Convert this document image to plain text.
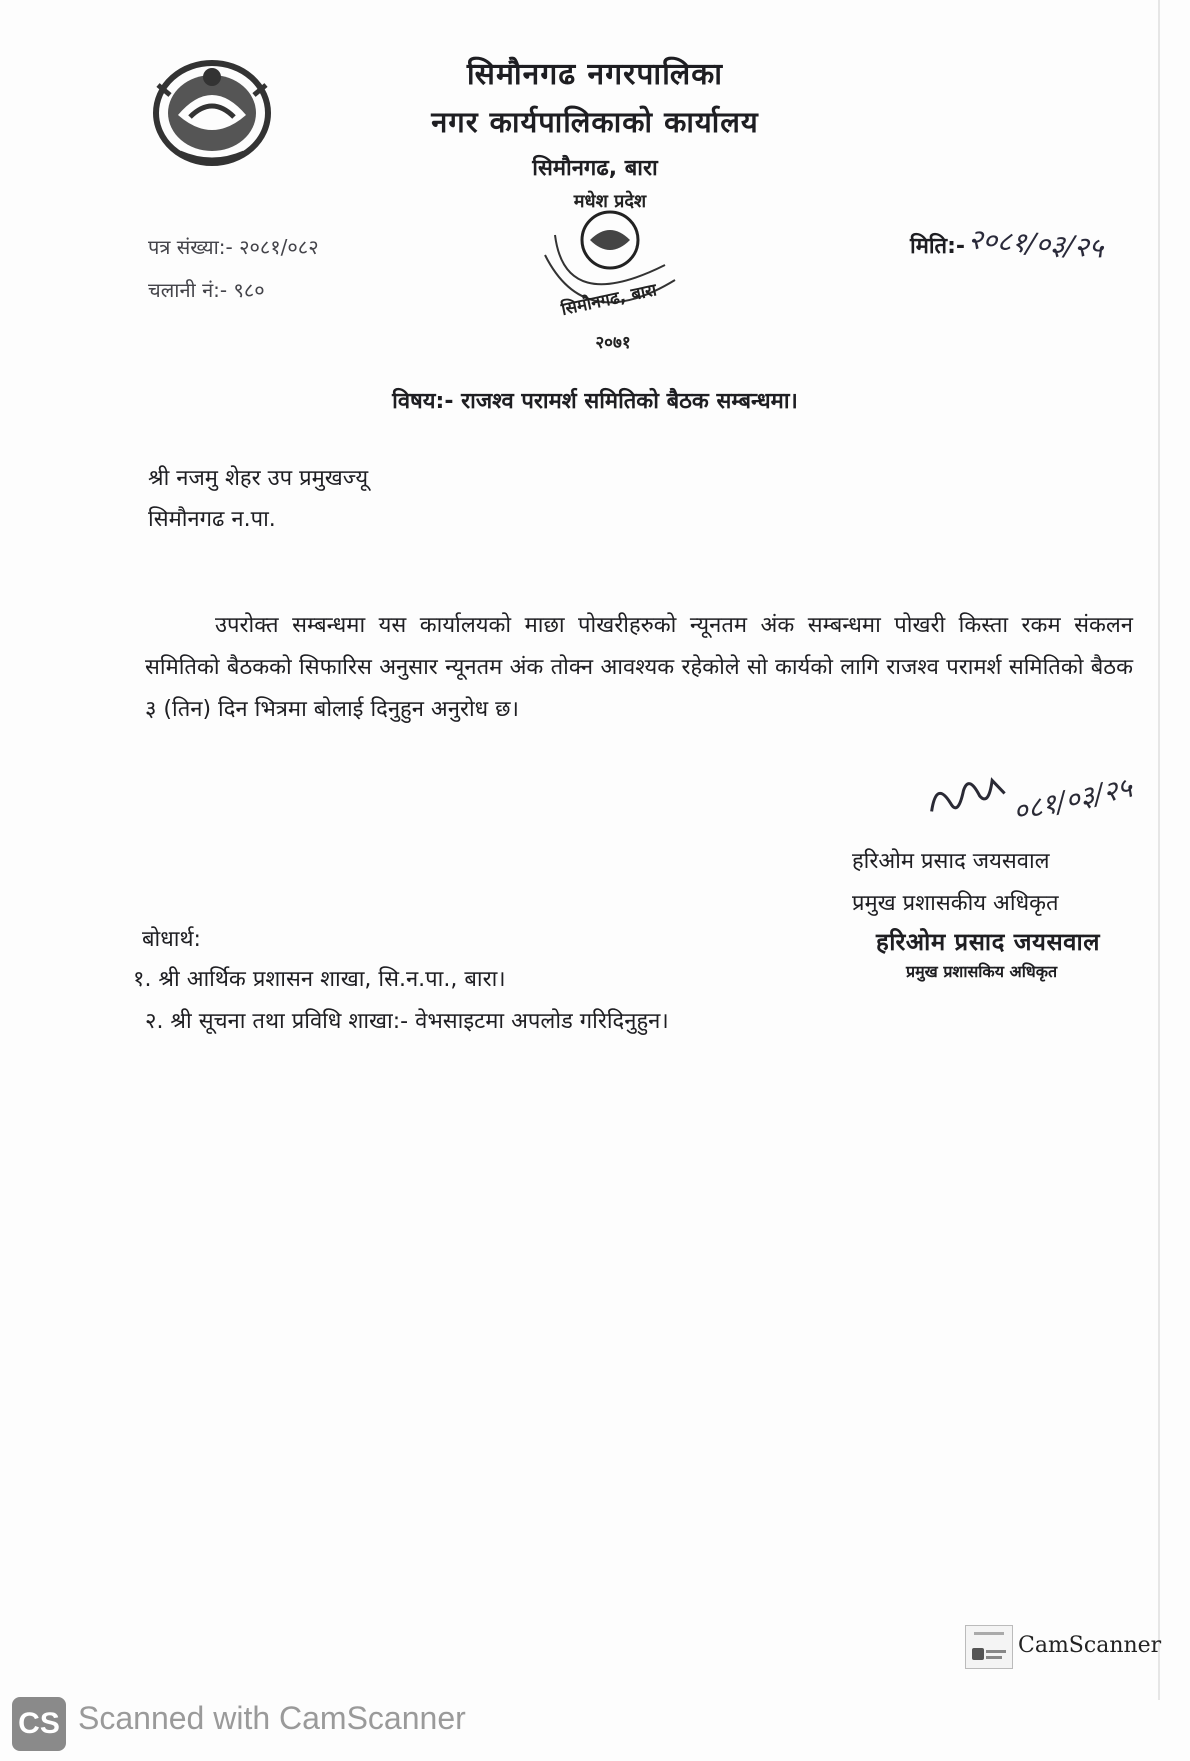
सिमौनगढ नगरपालिका
नगर कार्यपालिकाको कार्यालय
सिमौनगढ, बारा
मधेश प्रदेश
सिमौनगढ, बारा
२०७१
पत्र संख्या:- २०८१/०८२
चलानी नं:- ९८०
मिति:- २०८१/०३/२५
विषय:- राजश्व परामर्श समितिको बैठक सम्बन्धमा।
श्री नजमु शेहर उप प्रमुखज्यू
सिमौनगढ न.पा.
उपरोक्त सम्बन्धमा यस कार्यालयको माछा पोखरीहरुको न्यूनतम अंक सम्बन्धमा पोखरी किस्ता रकम संकलन समितिको बैठकको सिफारिस अनुसार न्यूनतम अंक तोक्न आवश्यक रहेकोले सो कार्यको लागि राजश्व परामर्श समितिको बैठक ३ (तिन) दिन भित्रमा बोलाई दिनुहुन अनुरोध छ।
०८१/०३/२५
हरिओम प्रसाद जयसवाल
प्रमुख प्रशासकीय अधिकृत
हरिओम प्रसाद जयसवाल
प्रमुख प्रशासकिय अधिकृत
बोधार्थ:
१. श्री आर्थिक प्रशासन शाखा, सि.न.पा., बारा।
२. श्री सूचना तथा प्रविधि शाखा:- वेभसाइटमा अपलोड गरिदिनुहुन।
CamScanner
CS Scanned with CamScanner
